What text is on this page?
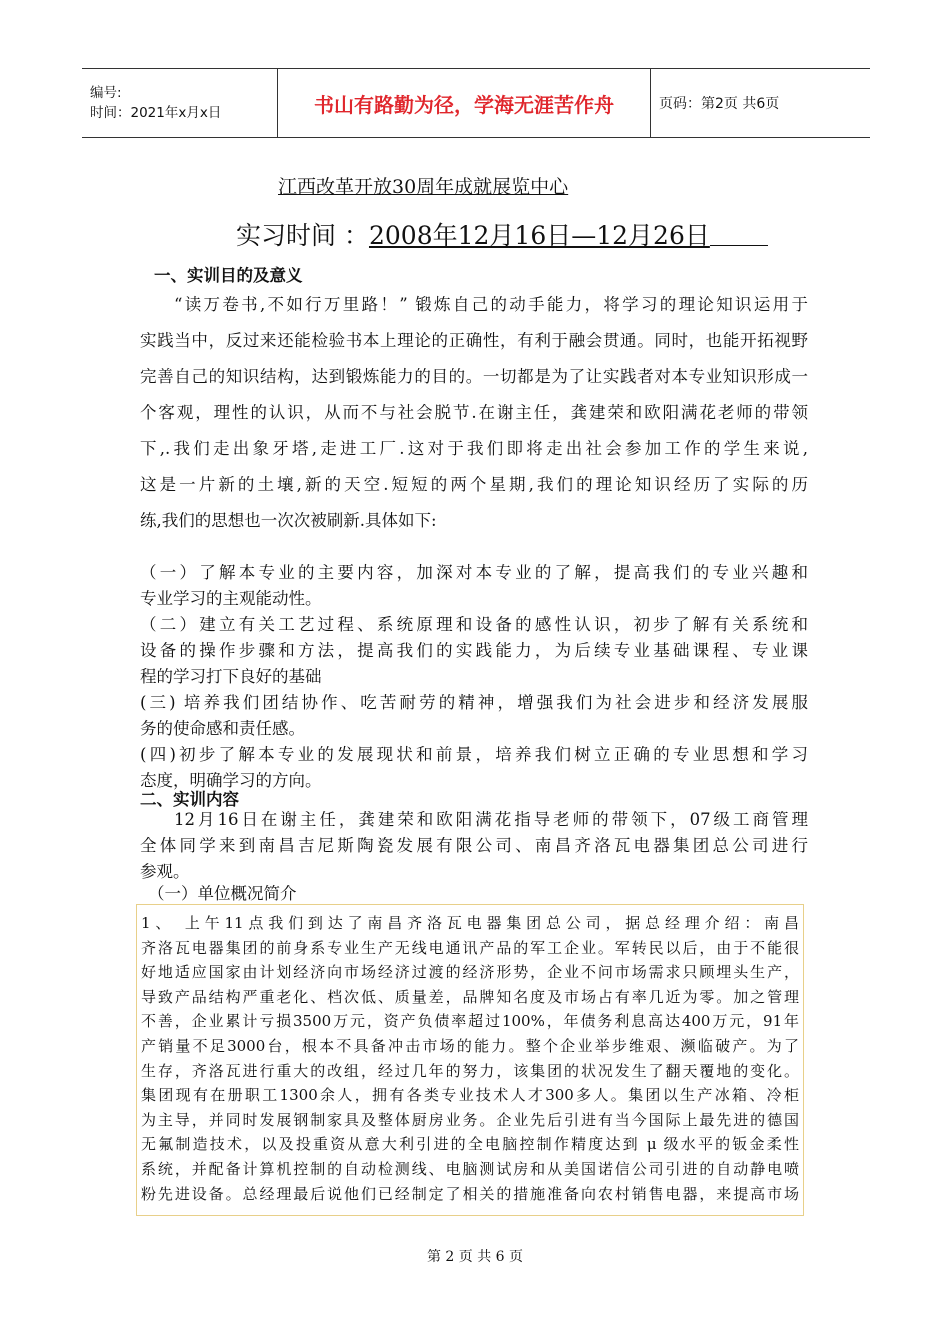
编号:
时间：2021年x月x日	书山有路勤为径，学海无涯苦作舟	页码：第2页 共6页
江西改革开放30周年成就展览中心
实习时间 ：2008年12月16日—12月26日
一、实训目的及意义
“读万卷书,不如行万里路！” 锻炼自己的动手能力，将学习的理论知识运用于
实践当中，反过来还能检验书本上理论的正确性，有利于融会贯通。同时，也能开拓视野
完善自己的知识结构，达到锻炼能力的目的。一切都是为了让实践者对本专业知识形成一
个客观，理性的认识，从而不与社会脱节.在谢主任，龚建荣和欧阳满花老师的带领
下,.我们走出象牙塔,走进工厂.这对于我们即将走出社会参加工作的学生来说,
这是一片新的土壤,新的天空.短短的两个星期,我们的理论知识经历了实际的历
练,我们的思想也一次次被刷新.具体如下:
（一）了解本专业的主要内容，加深对本专业的了解，提高我们的专业兴趣和
专业学习的主观能动性。
（二）建立有关工艺过程、系统原理和设备的感性认识，初步了解有关系统和
设备的操作步骤和方法，提高我们的实践能力，为后续专业基础课程、专业课
程的学习打下良好的基础
(三) 培养我们团结协作、吃苦耐劳的精神，增强我们为社会进步和经济发展服
务的使命感和责任感。
(四)初步了解本专业的发展现状和前景，培养我们树立正确的专业思想和学习
态度，明确学习的方向。
二、实训内容
12月16日在谢主任，龚建荣和欧阳满花指导老师的带领下，07级工商管理
全体同学来到南昌吉尼斯陶瓷发展有限公司、南昌齐洛瓦电器集团总公司进行
参观。
（一）单位概况简介
1、 上午11点我们到达了南昌齐洛瓦电器集团总公司，据总经理介绍：南昌
齐洛瓦电器集团的前身系专业生产无线电通讯产品的军工企业。军转民以后，由于不能很
好地适应国家由计划经济向市场经济过渡的经济形势，企业不问市场需求只顾埋头生产，
导致产品结构严重老化、档次低、质量差，品牌知名度及市场占有率几近为零。加之管理
不善，企业累计亏损3500万元，资产负债率超过100%，年债务利息高达400万元，91年
产销量不足3000台，根本不具备冲击市场的能力。整个企业举步维艰、濒临破产。为了
生存，齐洛瓦进行重大的改组，经过几年的努力，该集团的状况发生了翻天覆地的变化。
集团现有在册职工1300余人，拥有各类专业技术人才300多人。集团以生产冰箱、冷柜
为主导，并同时发展钢制家具及整体厨房业务。企业先后引进有当今国际上最先进的德国
无氟制造技术，以及投重资从意大利引进的全电脑控制作精度达到 μ 级水平的钣金柔性
系统，并配备计算机控制的自动检测线、电脑测试房和从美国诺信公司引进的自动静电喷
粉先进设备。总经理最后说他们已经制定了相关的措施准备向农村销售电器，来提高市场
第 2 页 共 6 页
